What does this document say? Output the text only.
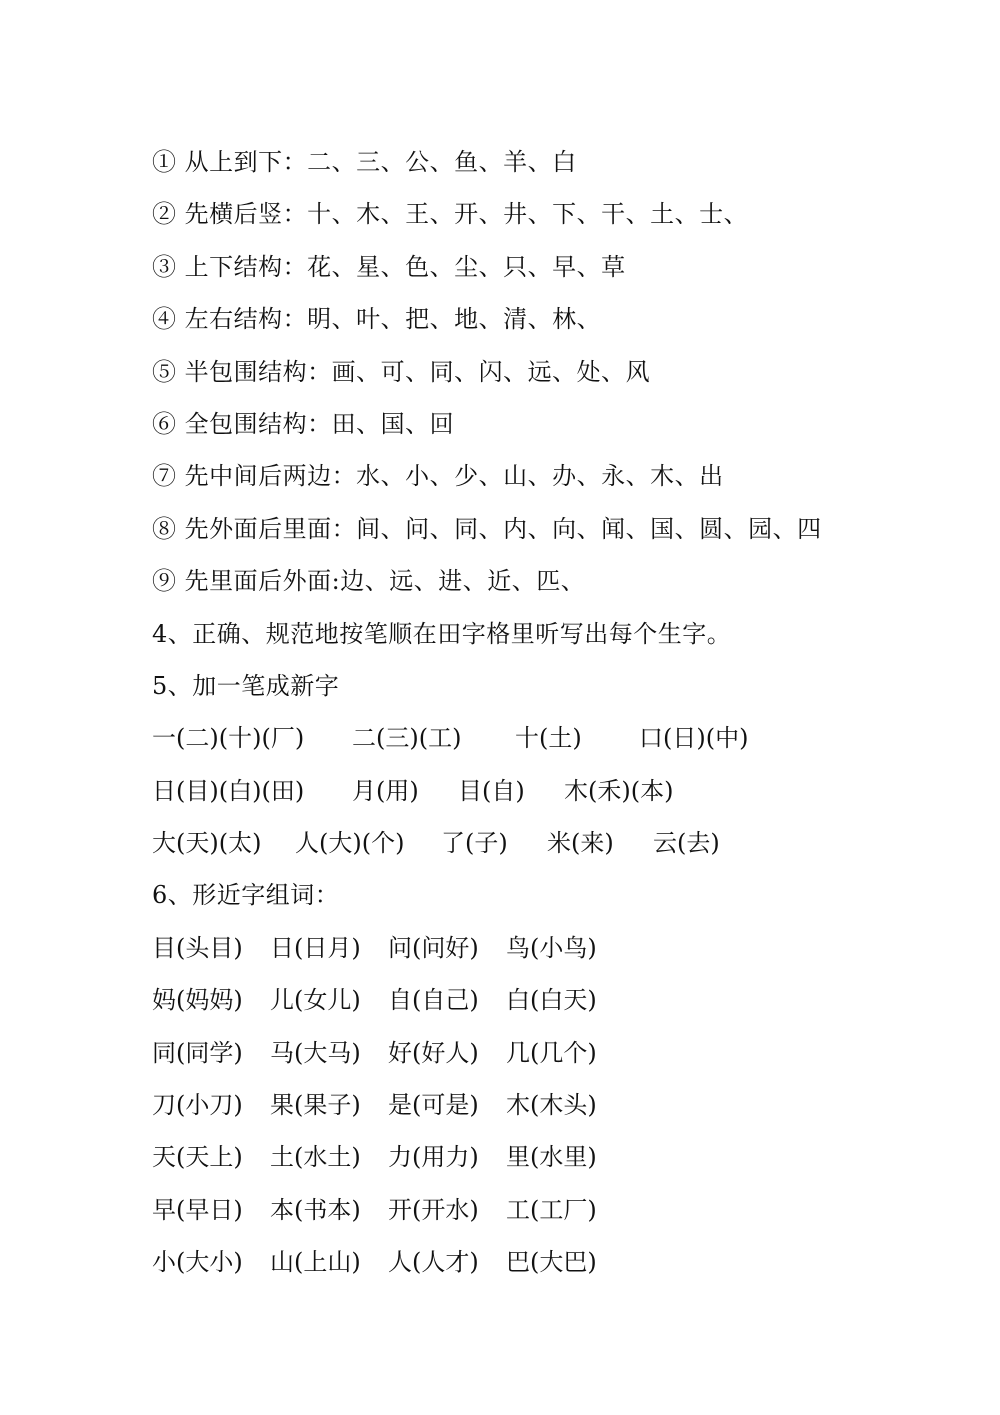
① 从上到下：二、三、公、鱼、羊、白
② 先横后竖：十、木、王、开、井、下、干、土、士、
③ 上下结构：花、星、色、尘、只、早、草
④ 左右结构：明、叶、把、地、清、林、
⑤ 半包围结构：画、可、同、闪、远、处、风
⑥ 全包围结构：田、国、回
⑦ 先中间后两边：水、小、少、山、办、永、木、出
⑧ 先外面后里面：间、问、同、内、向、闻、国、圆、园、四
⑨ 先里面后外面:边、远、进、近、匹、
4、正确、规范地按笔顺在田字格里听写出每个生字。
5、加一笔成新字
一(二)(十)(厂)	二(三)(工)	十(土)	口(日)(中)
日(目)(白)(田)	月(用)	目(自)	木(禾)(本)
大(天)(太)	人(大)(个)	了(子)	米(来)	云(去)
6、形近字组词：
目(头目)	日(日月)	问(问好)	鸟(小鸟)
妈(妈妈)	儿(女儿)	自(自己)	白(白天)
同(同学)	马(大马)	好(好人)	几(几个)
刀(小刀)	果(果子)	是(可是)	木(木头)
天(天上)	土(水土)	力(用力)	里(水里)
早(早日)	本(书本)	开(开水)	工(工厂)
小(大小)	山(上山)	人(人才)	巴(大巴)
